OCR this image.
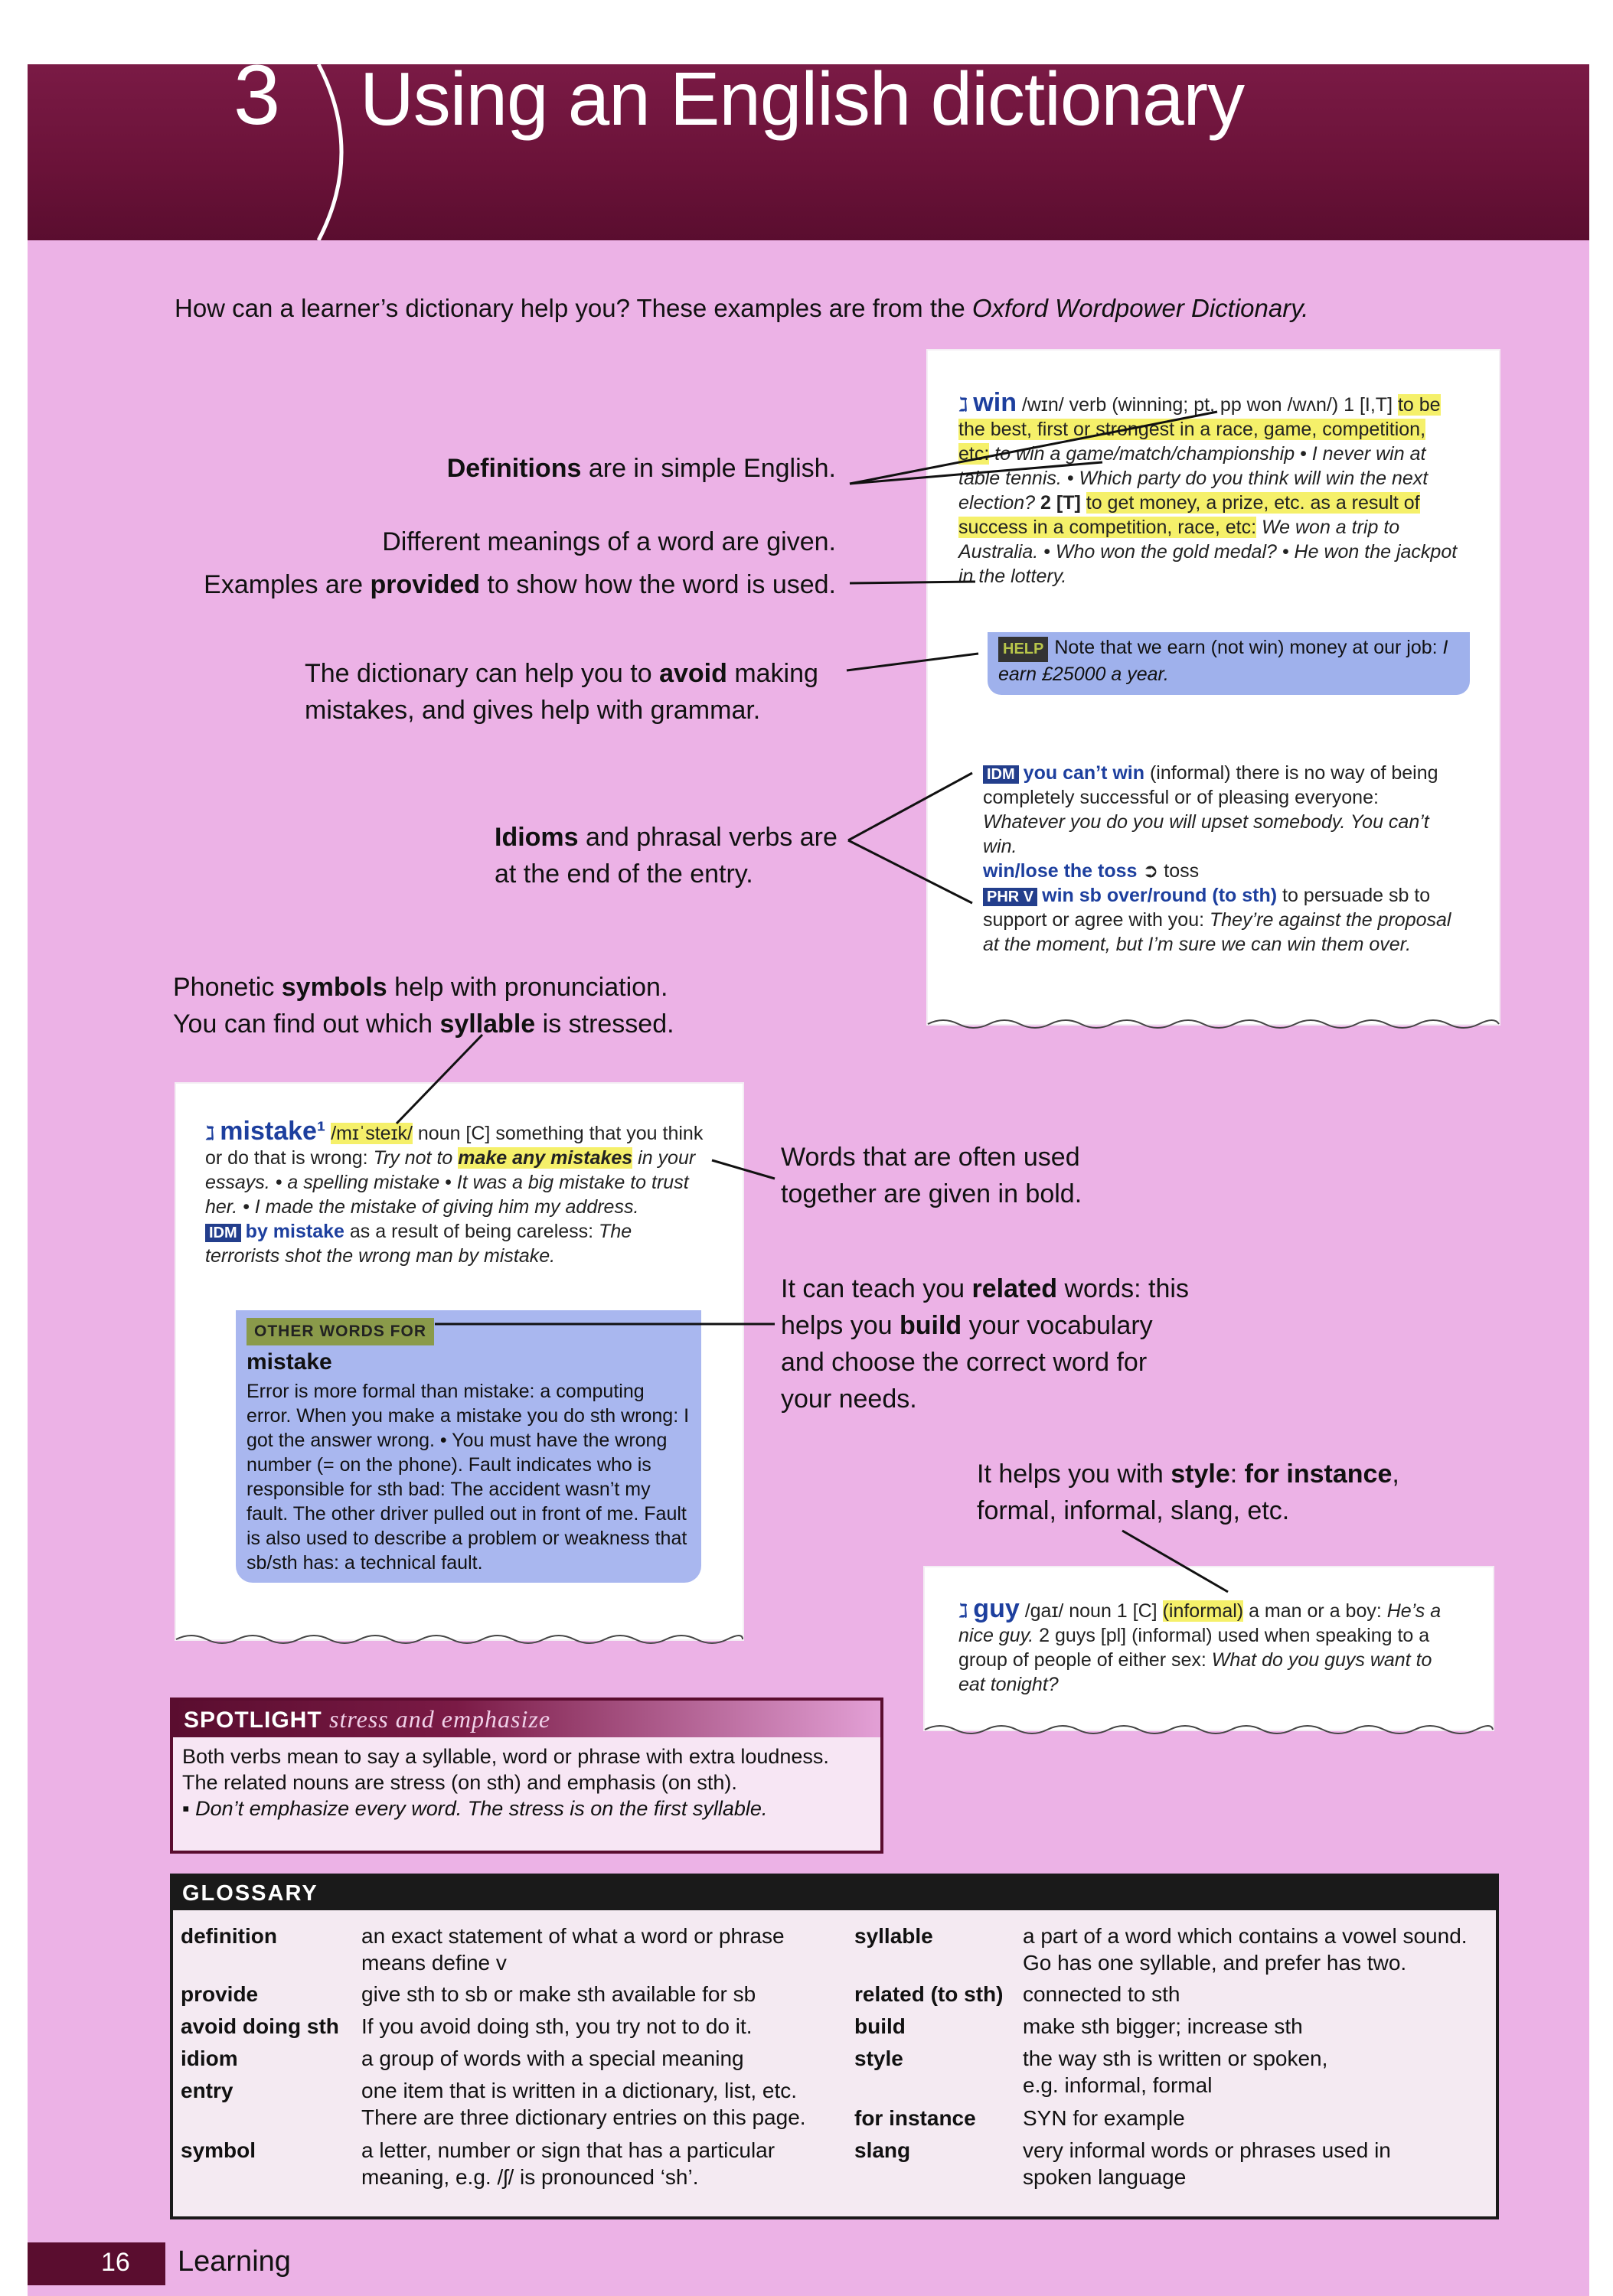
3 Using an English dictionary
How can a learner’s dictionary help you? These examples are from the Oxford Wordpower Dictionary.
ℷ win /wɪn/ verb (winning; pt, pp won /wʌn/) 1 [I,T] to be the best, first or strongest in a race, game, competition, etc: to win a game/match/championship • I never win at table tennis. • Which party do you think will win the next election? 2 [T] to get money, a prize, etc. as a result of success in a competition, race, etc: We won a trip to Australia. • Who won the gold medal? • He won the jackpot in the lottery.
HELP Note that we earn (not win) money at our job: I earn £25000 a year.
IDM you can’t win (informal) there is no way of being completely successful or of pleasing everyone: Whatever you do you will upset somebody. You can’t win.
win/lose the toss ➲ toss
PHR V win sb over/round (to sth) to persuade sb to support or agree with you: They’re against the proposal at the moment, but I’m sure we can win them over.
ℷ mistake¹ /mɪˈsteɪk/ noun [C] something that you think or do that is wrong: Try not to make any mistakes in your essays. • a spelling mistake • It was a big mistake to trust her. • I made the mistake of giving him my address.
IDM by mistake as a result of being careless: The terrorists shot the wrong man by mistake.
OTHER WORDS FOR
mistake
Error is more formal than mistake: a computing error. When you make a mistake you do sth wrong: I got the answer wrong. • You must have the wrong number (= on the phone). Fault indicates who is responsible for sth bad: The accident wasn’t my fault. The other driver pulled out in front of me. Fault is also used to describe a problem or weakness that sb/sth has: a technical fault.
ℷ guy /ɡaɪ/ noun 1 [C] (informal) a man or a boy: He’s a nice guy. 2 guys [pl] (informal) used when speaking to a group of people of either sex: What do you guys want to eat tonight?
Definitions are in simple English.
Different meanings of a word are given.
Examples are provided to show how the word is used.
The dictionary can help you to avoid making
mistakes, and gives help with grammar.
Idioms and phrasal verbs are
at the end of the entry.
Phonetic symbols help with pronunciation.
You can find out which syllable is stressed.
Words that are often used
together are given in bold.
It can teach you related words: this
helps you build your vocabulary
and choose the correct word for
your needs.
It helps you with style: for instance,
formal, informal, slang, etc.
SPOTLIGHT stress and emphasize
Both verbs mean to say a syllable, word or phrase with extra loudness.
The related nouns are stress (on sth) and emphasis (on sth).
▪ Don’t emphasize every word. The stress is on the first syllable.
GLOSSARY
definition	an exact statement of what a word or phrase
means define v
provide	give sth to sb or make sth available for sb
avoid doing sth	If you avoid doing sth, you try not to do it.
idiom	a group of words with a special meaning
entry	one item that is written in a dictionary, list, etc.
There are three dictionary entries on this page.
symbol	a letter, number or sign that has a particular
meaning, e.g. /ʃ/ is pronounced ‘sh’.
syllable	a part of a word which contains a vowel sound.
Go has one syllable, and prefer has two.
related (to sth) connected to sth
build	make sth bigger; increase sth
style	the way sth is written or spoken,
e.g. informal, formal
for instance	SYN for example
slang	very informal words or phrases used in
spoken language
16 Learning
